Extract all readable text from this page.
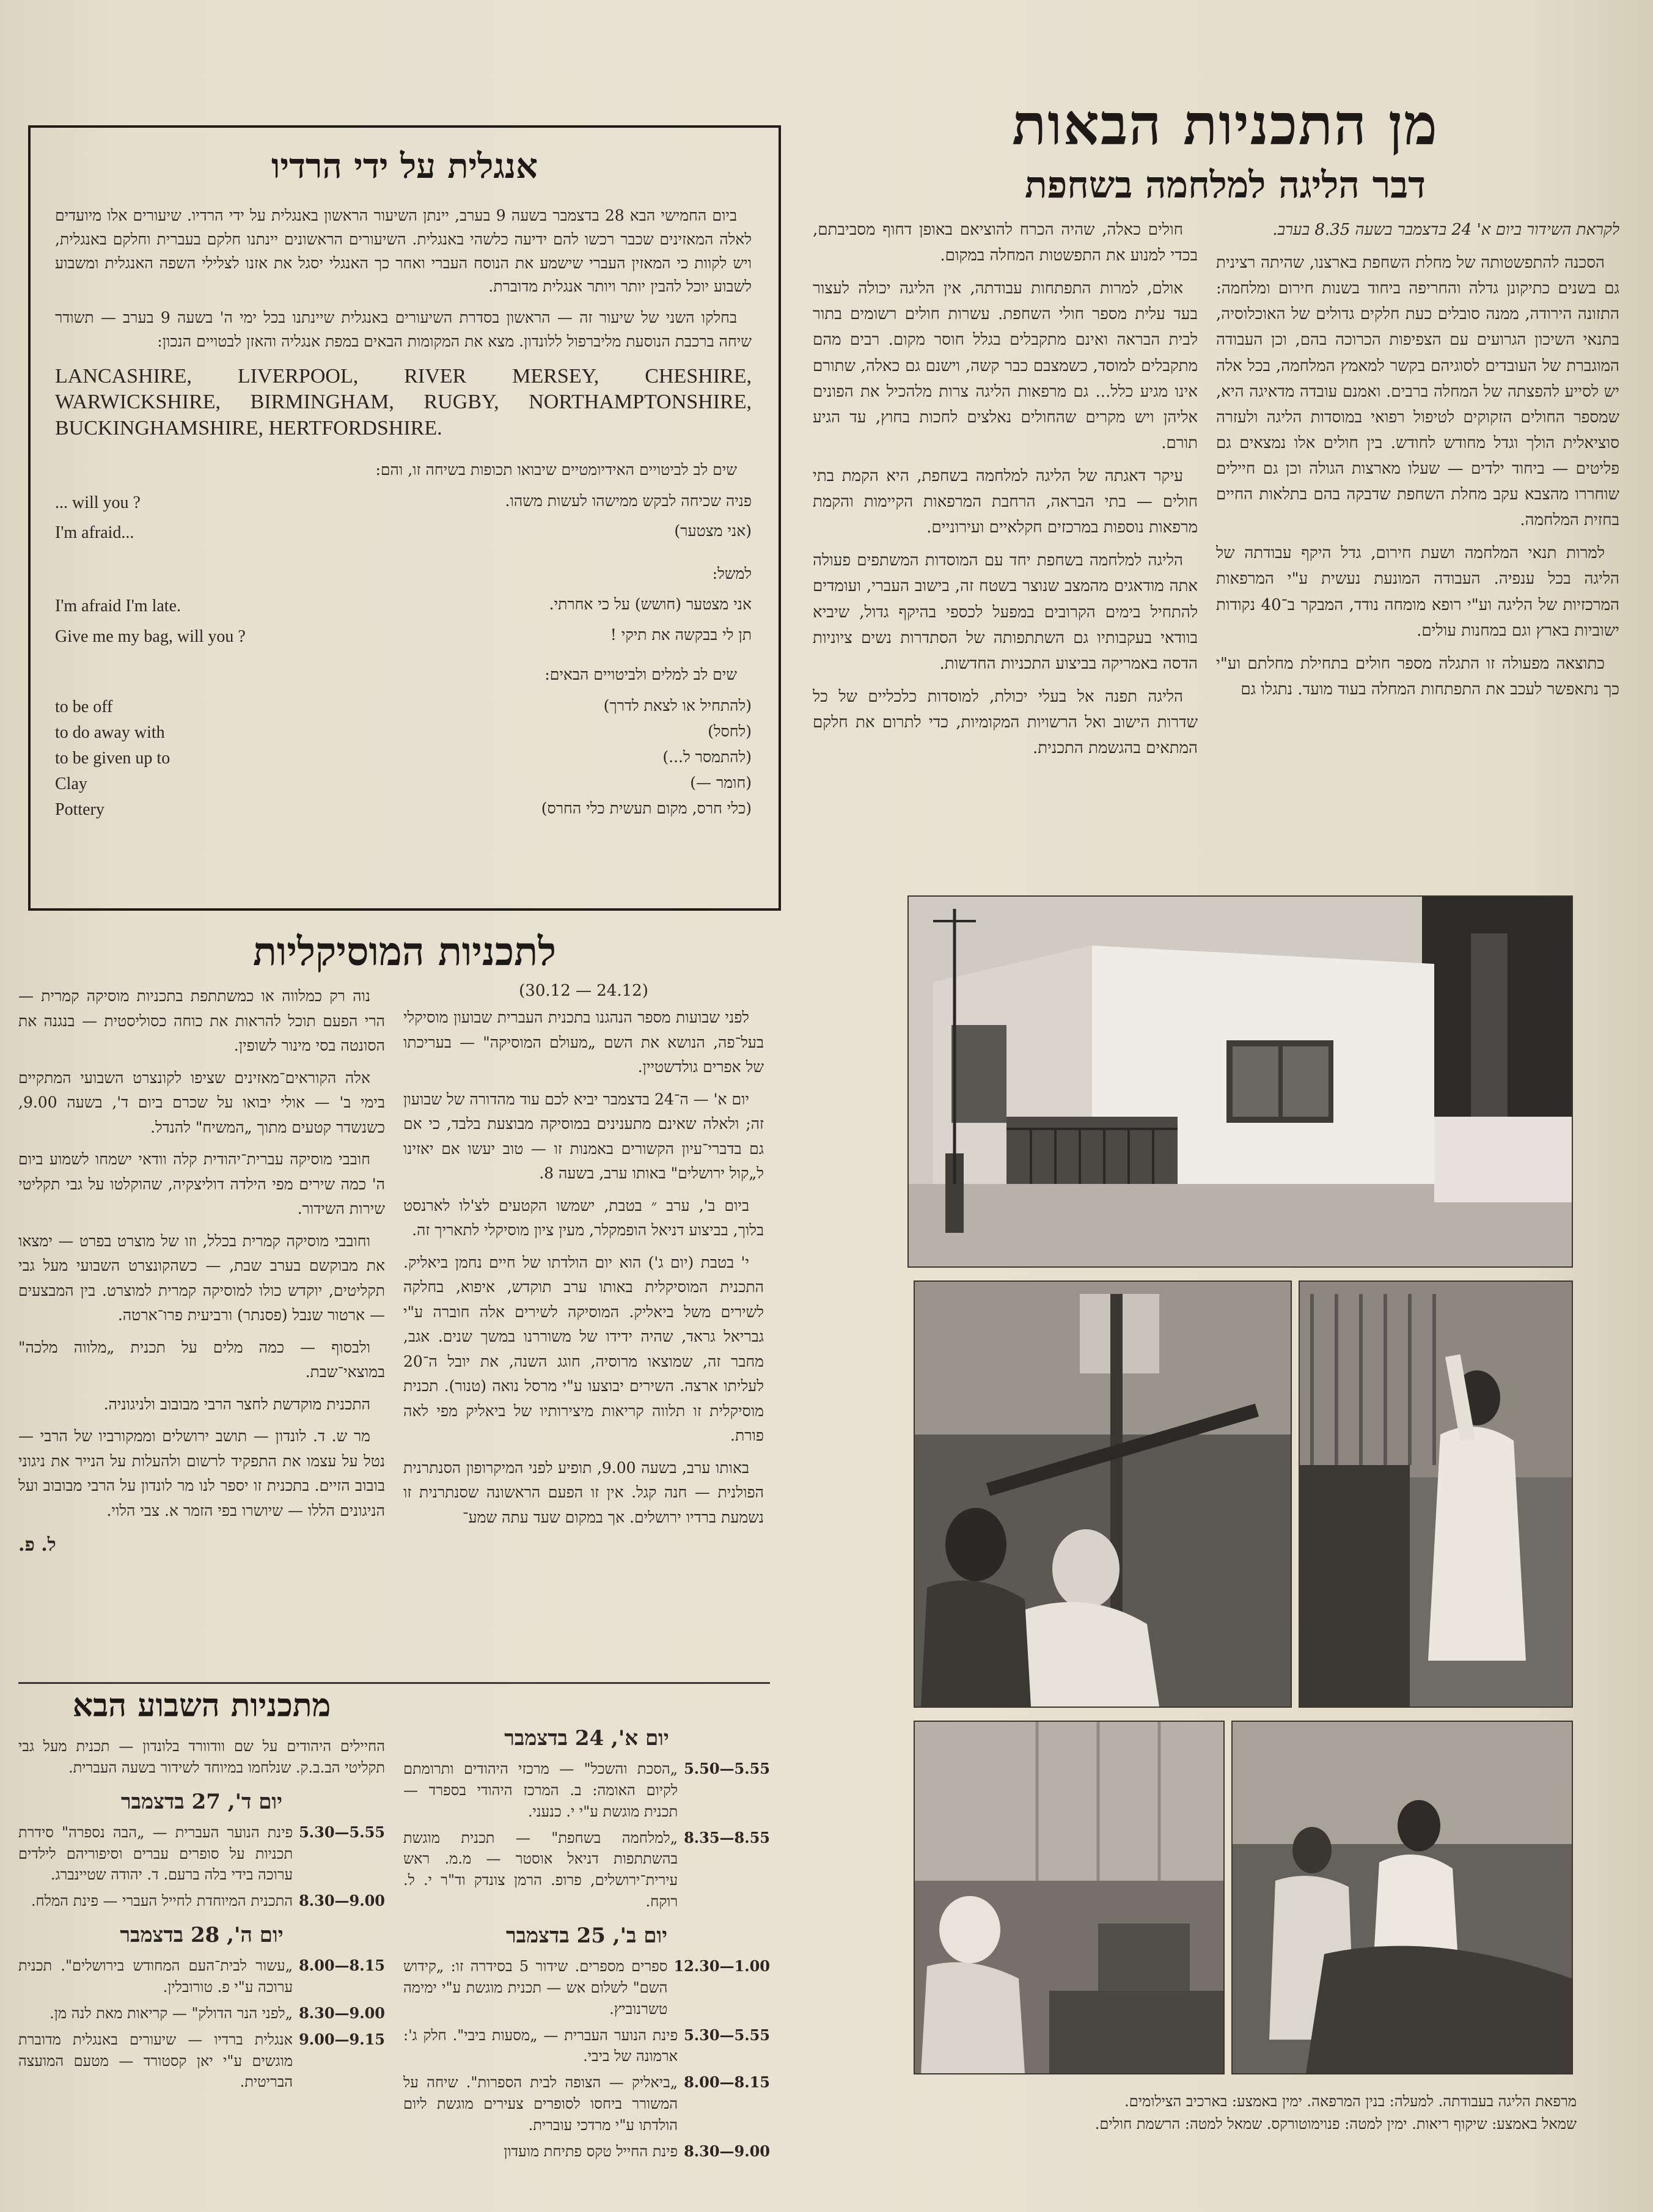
מן התכניות הבאות
דבר הליגה למלחמה בשחפת

לקראת השידור ביום א' 24 בדצמבר בשעה 8.35 בערב.

הסכנה להתפשטותה של מחלת השחפת בארצנו, שהיתה רצינית גם בשנים כתיקונן גדלה והחריפה ביחוד בשנות חירום ומלחמה: התזונה הירודה, ממנה סובלים כעת חלקים גדולים של האוכלוסיה, בתנאי השיכון הגרועים עם הצפיפות הכרוכה בהם, וכן העבודה המוגברת של העובדים לסוגיהם בקשר למאמץ המלחמה, בכל אלה יש לסייע להפצתה של המחלה ברבים. ואמנם עובדה מדאיגה היא, שמספר החולים הזקוקים לטיפול רפואי במוסדות הליגה ולעזרה סוציאלית הולך וגדל מחודש לחודש. בין חולים אלו נמצאים גם פליטים — ביחוד ילדים — שעלו מארצות הגולה וכן גם חיילים שוחררו מהצבא עקב מחלת השחפת שדבקה בהם בתלאות החיים בחזית המלחמה.

למרות תנאי המלחמה ושעת חירום, גדל היקף עבודתה של הליגה בכל ענפיה. העבודה המונעת נעשית ע"י המרפאות המרכזיות של הליגה וע"י רופא מומחה נודד, המבקר ב־40 נקודות ישוביות בארץ וגם במחנות עולים.

כתוצאה מפעולה זו התגלה מספר חולים בתחילת מחלתם וע"י כך נתאפשר לעכב את התפתחות המחלה בעוד מועד. נתגלו גם

חולים כאלה, שהיה הכרח להוציאם באופן דחוף מסביבתם, בכדי למנוע את התפשטות המחלה במקום.

אולם, למרות התפתחות עבודתה, אין הליגה יכולה לעצור בעד עלית מספר חולי השחפת. עשרות חולים רשומים בתור לבית הבראה ואינם מתקבלים בגלל חוסר מקום. רבים מהם מתקבלים למוסד, כשמצבם כבר קשה, וישנם גם כאלה, שתורם אינו מגיע כלל... גם מרפאות הליגה צרות מלהכיל את הפונים אליהן ויש מקרים שהחולים נאלצים לחכות בחוץ, עד הגיע תורם.

עיקר דאגתה של הליגה למלחמה בשחפת, היא הקמת בתי חולים — בתי הבראה, הרחבת המרפאות הקיימות והקמת מרפאות נוספות במרכזים חקלאיים ועירוניים.

הליגה למלחמה בשחפת יחד עם המוסדות המשתפים פעולה אתה מודאגים מהמצב שנוצר בשטח זה, בישוב העברי, ועומדים להתחיל בימים הקרובים במפעל לכספי בהיקף גדול, שיביא בוודאי בעקבותיו גם השתתפותה של הסתדרות נשים ציוניות הדסה באמריקה בביצוע התכניות החדשות.

הליגה תפנה אל בעלי יכולת, למוסדות כלכליים של כל שדרות הישוב ואל הרשויות המקומיות, כדי לתרום את חלקם המתאים בהגשמת התכנית.

אנגלית על ידי הרדיו

ביום החמישי הבא 28 בדצמבר בשעה 9 בערב, יינתן השיעור הראשון באנגלית על ידי הרדיו. שיעורים אלו מיועדים לאלה המאזינים שכבר רכשו להם ידיעה כלשהי באנגלית. השיעורים הראשונים יינתנו חלקם בעברית וחלקם באנגלית, ויש לקוות כי המאזין העברי שישמע את הנוסח העברי ואחר כך האנגלי יסגל את אזנו לצלילי השפה האנגלית ומשבוע לשבוע יוכל להבין יותר ויותר אנגלית מדוברת.

בחלקו השני של שיעור זה — הראשון בסדרת השיעורים באנגלית שיינתנו בכל ימי ה' בשעה 9 בערב — תשודר שיחה ברכבת הנוסעת מליברפול ללונדון. מצא את המקומות הבאים במפת אנגליה והאזן לבטויים הנכון:

LANCASHIRE, LIVERPOOL, RIVER MERSEY, CHESHIRE, WARWICKSHIRE, BIRMINGHAM, RUGBY, NORTHAMPTONSHIRE, BUCKINGHAMSHIRE, HERTFORDSHIRE.

שים לב לביטויים האידיומטיים שיבואו תכופות בשיחה זו, והם:

פניה שכיחה לבקש ממישהו לעשות משהו.
... will you ?
(אני מצטער)
I'm afraid...

למשל:

אני מצטער (חושש) על כי אחרתי.
I'm afraid I'm late.
תן לי בבקשה את תיקי !
Give me my bag, will you ?

שים לב למלים ולביטויים הבאים:

(להתחיל או לצאת לדרך)
to be off
(לחסל)
to do away with
(להתמסר ל...)
to be given up to
(חומר —)
Clay
(כלי חרס, מקום תעשית כלי החרס)
Pottery
לתכניות המוסיקליות
(24.12 — 30.12)

לפני שבועות מספר הנהגנו בתכנית העברית שבועון מוסיקלי בעל־פה, הנושא את השם „מעולם המוסיקה" — בעריכתו של אפרים גולדשטיין.

יום א' — ה־24 בדצמבר יביא לכם עוד מהדורה של שבועון זה; ולאלה שאינם מתענינים במוסיקה מבוצעת בלבד, כי אם גם בדברי־עיון הקשורים באמנות זו — טוב יעשו אם יאזינו ל„קול ירושלים" באותו ערב, בשעה 8.

ביום ב', ערב ״ בטבת, ישמשו הקטעים לצ'לו לארנסט בלוך, בביצוע דניאל הופמקלר, מעין ציון מוסיקלי לתאריך זה.

י' בטבת (יום ג') הוא יום הולדתו של חיים נחמן ביאליק. התכנית המוסיקלית באותו ערב תוקדש, איפוא, בחלקה לשירים משל ביאליק. המוסיקה לשירים אלה חוברה ע"י גבריאל גראד, שהיה ידידו של משוררנו במשך שנים. אגב, מחבר זה, שמוצאו מרוסיה, חוגג השנה, את יובל ה־20 לעליתו ארצה. השירים יבוצעו ע"י מרסל נואה (טנור). תכנית מוסיקלית זו תלווה קריאות מיצירותיו של ביאליק מפי לאה פורת.

באותו ערב, בשעה 9.00, תופיע לפני המיקרופון הסנתרנית הפולנית — חנה קגל. אין זו הפעם הראשונה שסנתרנית זו נשמעת ברדיו ירושלים. אך במקום שעד עתה שמע־

נוה רק כמלווה או כמשתתפת בתכניות מוסיקה קמרית — הרי הפעם תוכל להראות את כוחה כסוליסטית — בנגנה את הסונטה בסי מינור לשופין.

אלה הקוראים־מאזינים שציפו לקונצרט השבועי המתקיים בימי ב' — אולי יבואו על שכרם ביום ד', בשעה 9.00, כשנשדר קטעים מתוך „המשיח" להנדל.

חובבי מוסיקה עברית־יהודית קלה וודאי ישמחו לשמוע ביום ה' כמה שירים מפי הילדה דוליצקיה, שהוקלטו על גבי תקליטי שירות השידור.

וחובבי מוסיקה קמרית בכלל, וזו של מוצרט בפרט — ימצאו את מבוקשם בערב שבת, — כשהקונצרט השבועי מעל גבי תקליטים, יוקדש כולו למוסיקה קמרית למוצרט. בין המבצעים — ארטור שנבל (פסנתר) ורביעית פרו־ארטה.

ולבסוף — כמה מלים על תכנית „מלווה מלכה" במוצאי־שבת.

התכנית מוקדשת לחצר הרבי מבובוב ולניגוניה.

מר ש. ד. לונדון — תושב ירושלים וממקורביו של הרבי — נטל על עצמו את התפקיד לרשום ולהעלות על הנייר את ניגוני בובוב הזיים. בתכנית זו יספר לנו מר לונדון על הרבי מבובוב ועל הניגונים הללו — שיושרו בפי הזמר א. צבי הלוי.

ל. פ.

מתכניות השבוע הבא
יום א', 24 בדצמבר
5.55—5.50
„הסכת והשכל" — מרכזי היהודים ותרומתם לקיום האומה: ב. המרכז היהודי בספרד — תכנית מוגשת ע"י י. כנעני.
8.55—8.35
„למלחמה בשחפת" — תכנית מוגשת בהשתתפות דניאל אוסטר — מ.מ. ראש עירית־ירושלים, פרופ. הרמן צונדק וד"ר י. ל. רוקח.
יום ב', 25 בדצמבר
1.00—12.30
ספרים מספרים. שידור 5 בסידרה זו: „קידוש השם" לשלום אש — תכנית מוגשת ע"י ימימה טשרנוביץ.
5.55—5.30
פינת הנוער העברית — „מסעות ביבי". חלק ג': ארמונה של ביבי.
8.15—8.00
„ביאליק — הצופה לבית הספרות". שיחה על המשורר ביחסו לסופרים צעירים מוגשת ליום הולדתו ע"י מרדכי עוברית.
9.00—8.30
פינת החייל טקס פתיחת מועדון
החיילים היהודים על שם וודוורד בלונדון — תכנית מעל גבי תקליטי הב.ב.ק. שנלחמו במיוחד לשידור בשעה העברית.
יום ד', 27 בדצמבר
5.55—5.30
פינת הנוער העברית — „הבה נספרה" סידרת תכניות על סופרים עברים וסיפוריהם לילדים ערוכה בידי בלה ברעם. ד. יהודה שטיינברג.
9.00—8.30
התכנית המיוחדת לחייל העברי — פינת המלח.
יום ה', 28 בדצמבר
8.15—8.00
„עשור לבית־העם המחודש בירושלים". תכנית ערוכה ע"י פ. טורובלין.
9.00—8.30
„לפני הנר הדולק" — קריאות מאת לנה מן.
9.15—9.00
אנגלית ברדיו — שיעורים באנגלית מדוברת מוגשים ע"י יאן קסטורד — מטעם המועצה הבריטית.
מרפאת הליגה בעבודתה. למעלה: בנין המרפאה. ימין באמצע: בארכיב הצילומים.
שמאל באמצע: שיקוף ריאות. ימין למטה: פנוימוטורקס. שמאל למטה: הרשמת חולים.
